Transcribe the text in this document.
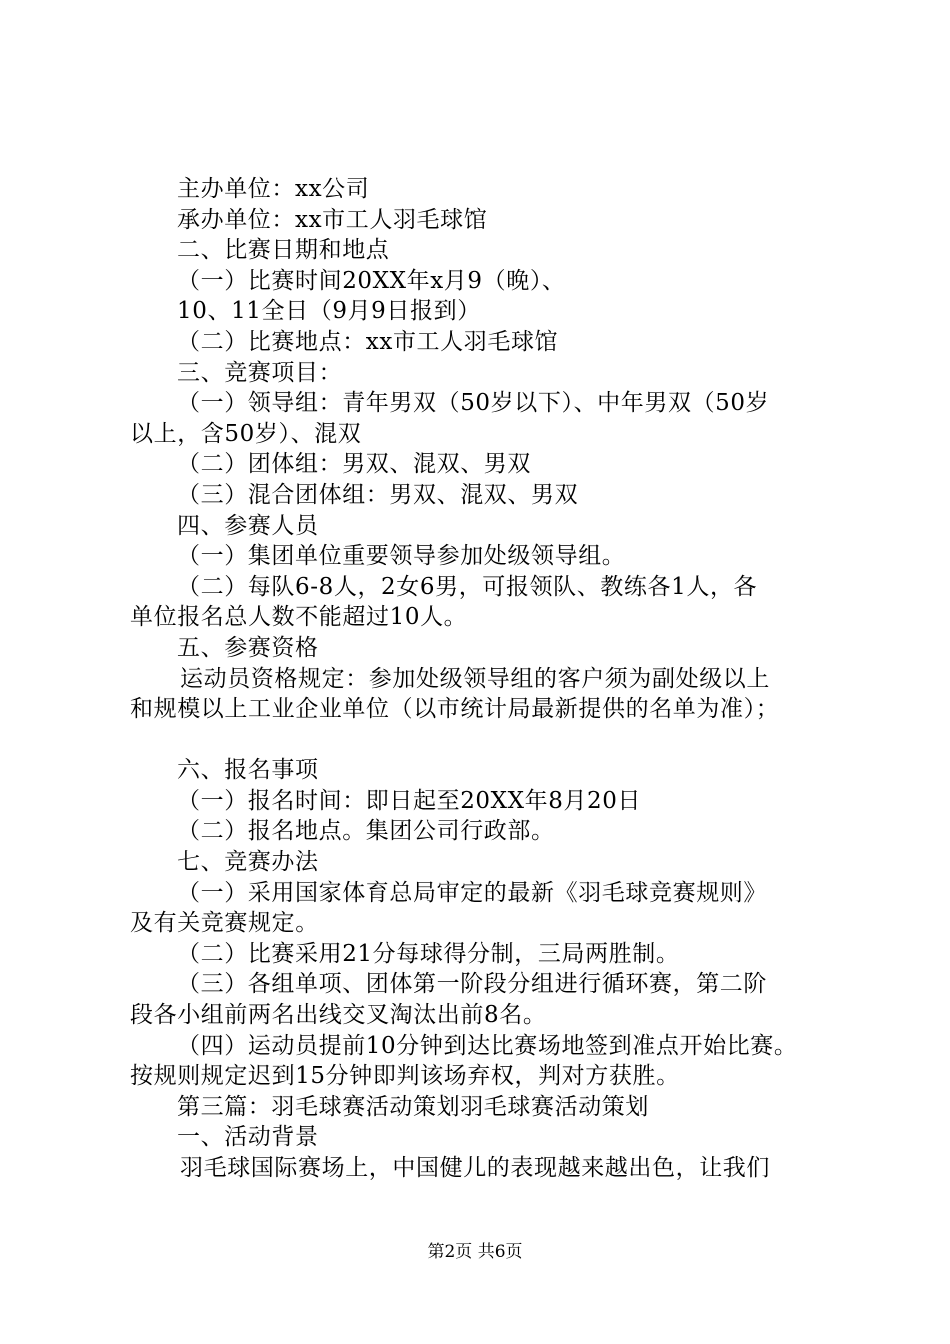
主办单位：xx公司
承办单位：xx市工人羽毛球馆
二、比赛日期和地点
（一）比赛时间20XX年x月9（晚）、
10、11全日（9月9日报到）
（二）比赛地点：xx市工人羽毛球馆
三、竞赛项目：
（一）领导组：青年男双（50岁以下）、中年男双（50岁
以上，含50岁）、混双
（二）团体组：男双、混双、男双
（三）混合团体组：男双、混双、男双
四、参赛人员
（一）集团单位重要领导参加处级领导组。
（二）每队6-8人，2女6男，可报领队、教练各1人，各
单位报名总人数不能超过10人。
五、参赛资格
运动员资格规定：参加处级领导组的客户须为副处级以上
和规模以上工业企业单位（以市统计局最新提供的名单为准）；
六、报名事项
（一）报名时间：即日起至20XX年8月20日
（二）报名地点。集团公司行政部。
七、竞赛办法
（一）采用国家体育总局审定的最新《羽毛球竞赛规则》
及有关竞赛规定。
（二）比赛采用21分每球得分制，三局两胜制。
（三）各组单项、团体第一阶段分组进行循环赛，第二阶
段各小组前两名出线交叉淘汰出前8名。
（四）运动员提前10分钟到达比赛场地签到准点开始比赛。
按规则规定迟到15分钟即判该场弃权，判对方获胜。
第三篇：羽毛球赛活动策划羽毛球赛活动策划
一、活动背景
羽毛球国际赛场上，中国健儿的表现越来越出色，让我们
第2页 共6页
